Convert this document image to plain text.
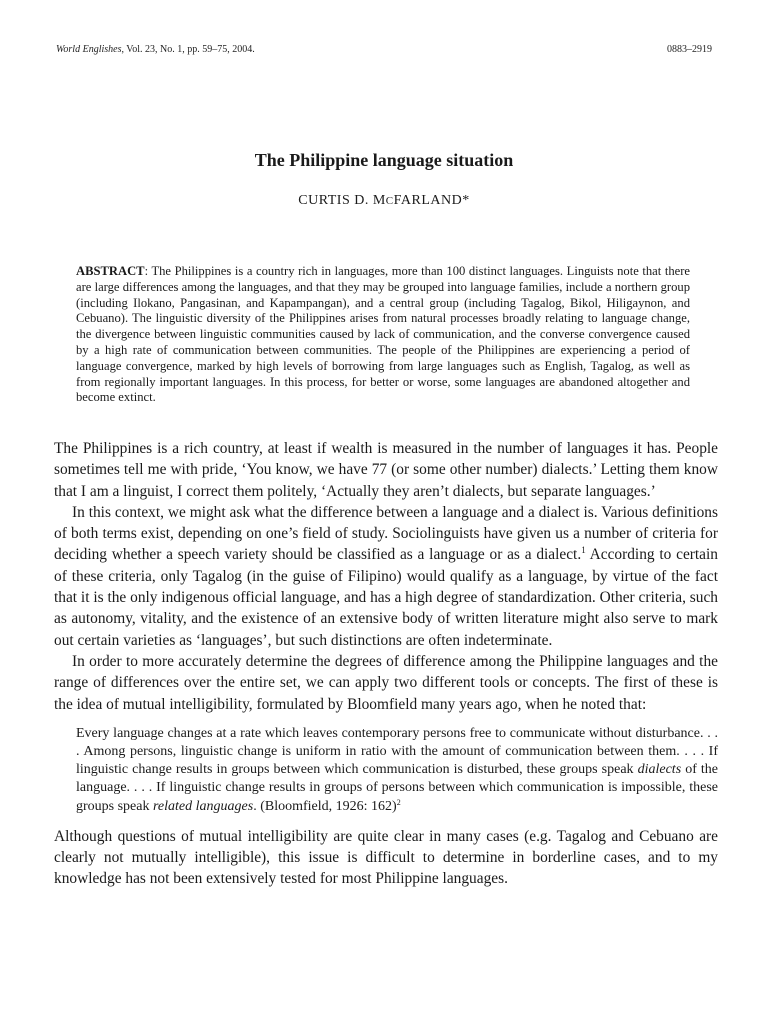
World Englishes, Vol. 23, No. 1, pp. 59–75, 2004.	0883–2919
The Philippine language situation
CURTIS D. MCFARLAND*
ABSTRACT: The Philippines is a country rich in languages, more than 100 distinct languages. Linguists note that there are large differences among the languages, and that they may be grouped into language families, include a northern group (including Ilokano, Pangasinan, and Kapampangan), and a central group (including Tagalog, Bikol, Hiligaynon, and Cebuano). The linguistic diversity of the Philippines arises from natural processes broadly relating to language change, the divergence between linguistic communities caused by lack of communication, and the converse convergence caused by a high rate of communication between communities. The people of the Philippines are experiencing a period of language convergence, marked by high levels of borrowing from large languages such as English, Tagalog, as well as from regionally important languages. In this process, for better or worse, some languages are abandoned altogether and become extinct.

The Philippines is a rich country, at least if wealth is measured in the number of languages it has. People sometimes tell me with pride, ‘You know, we have 77 (or some other number) dialects.’ Letting them know that I am a linguist, I correct them politely, ‘Actually they aren’t dialects, but separate languages.’

In this context, we might ask what the difference between a language and a dialect is. Various definitions of both terms exist, depending on one’s field of study. Sociolinguists have given us a number of criteria for deciding whether a speech variety should be classified as a language or as a dialect.$^1$ According to certain of these criteria, only Tagalog (in the guise of Filipino) would qualify as a language, by virtue of the fact that it is the only indigenous official language, and has a high degree of standardization. Other criteria, such as autonomy, vitality, and the existence of an extensive body of written literature might also serve to mark out certain varieties as ‘languages’, but such distinctions are often indeterminate.

In order to more accurately determine the degrees of difference among the Philippine languages and the range of differences over the entire set, we can apply two different tools or concepts. The first of these is the idea of mutual intelligibility, formulated by Bloomfield many years ago, when he noted that:

Every language changes at a rate which leaves contemporary persons free to communicate without disturbance. . . . Among persons, linguistic change is uniform in ratio with the amount of communication between them. . . . If linguistic change results in groups between which communication is disturbed, these groups speak dialects of the language. . . . If linguistic change results in groups of persons between which communication is impossible, these groups speak related languages. (Bloomfield, 1926: 162)$^2$

Although questions of mutual intelligibility are quite clear in many cases (e.g. Tagalog and Cebuano are clearly not mutually intelligible), this issue is difficult to determine in borderline cases, and to my knowledge has not been extensively tested for most Philippine languages.
